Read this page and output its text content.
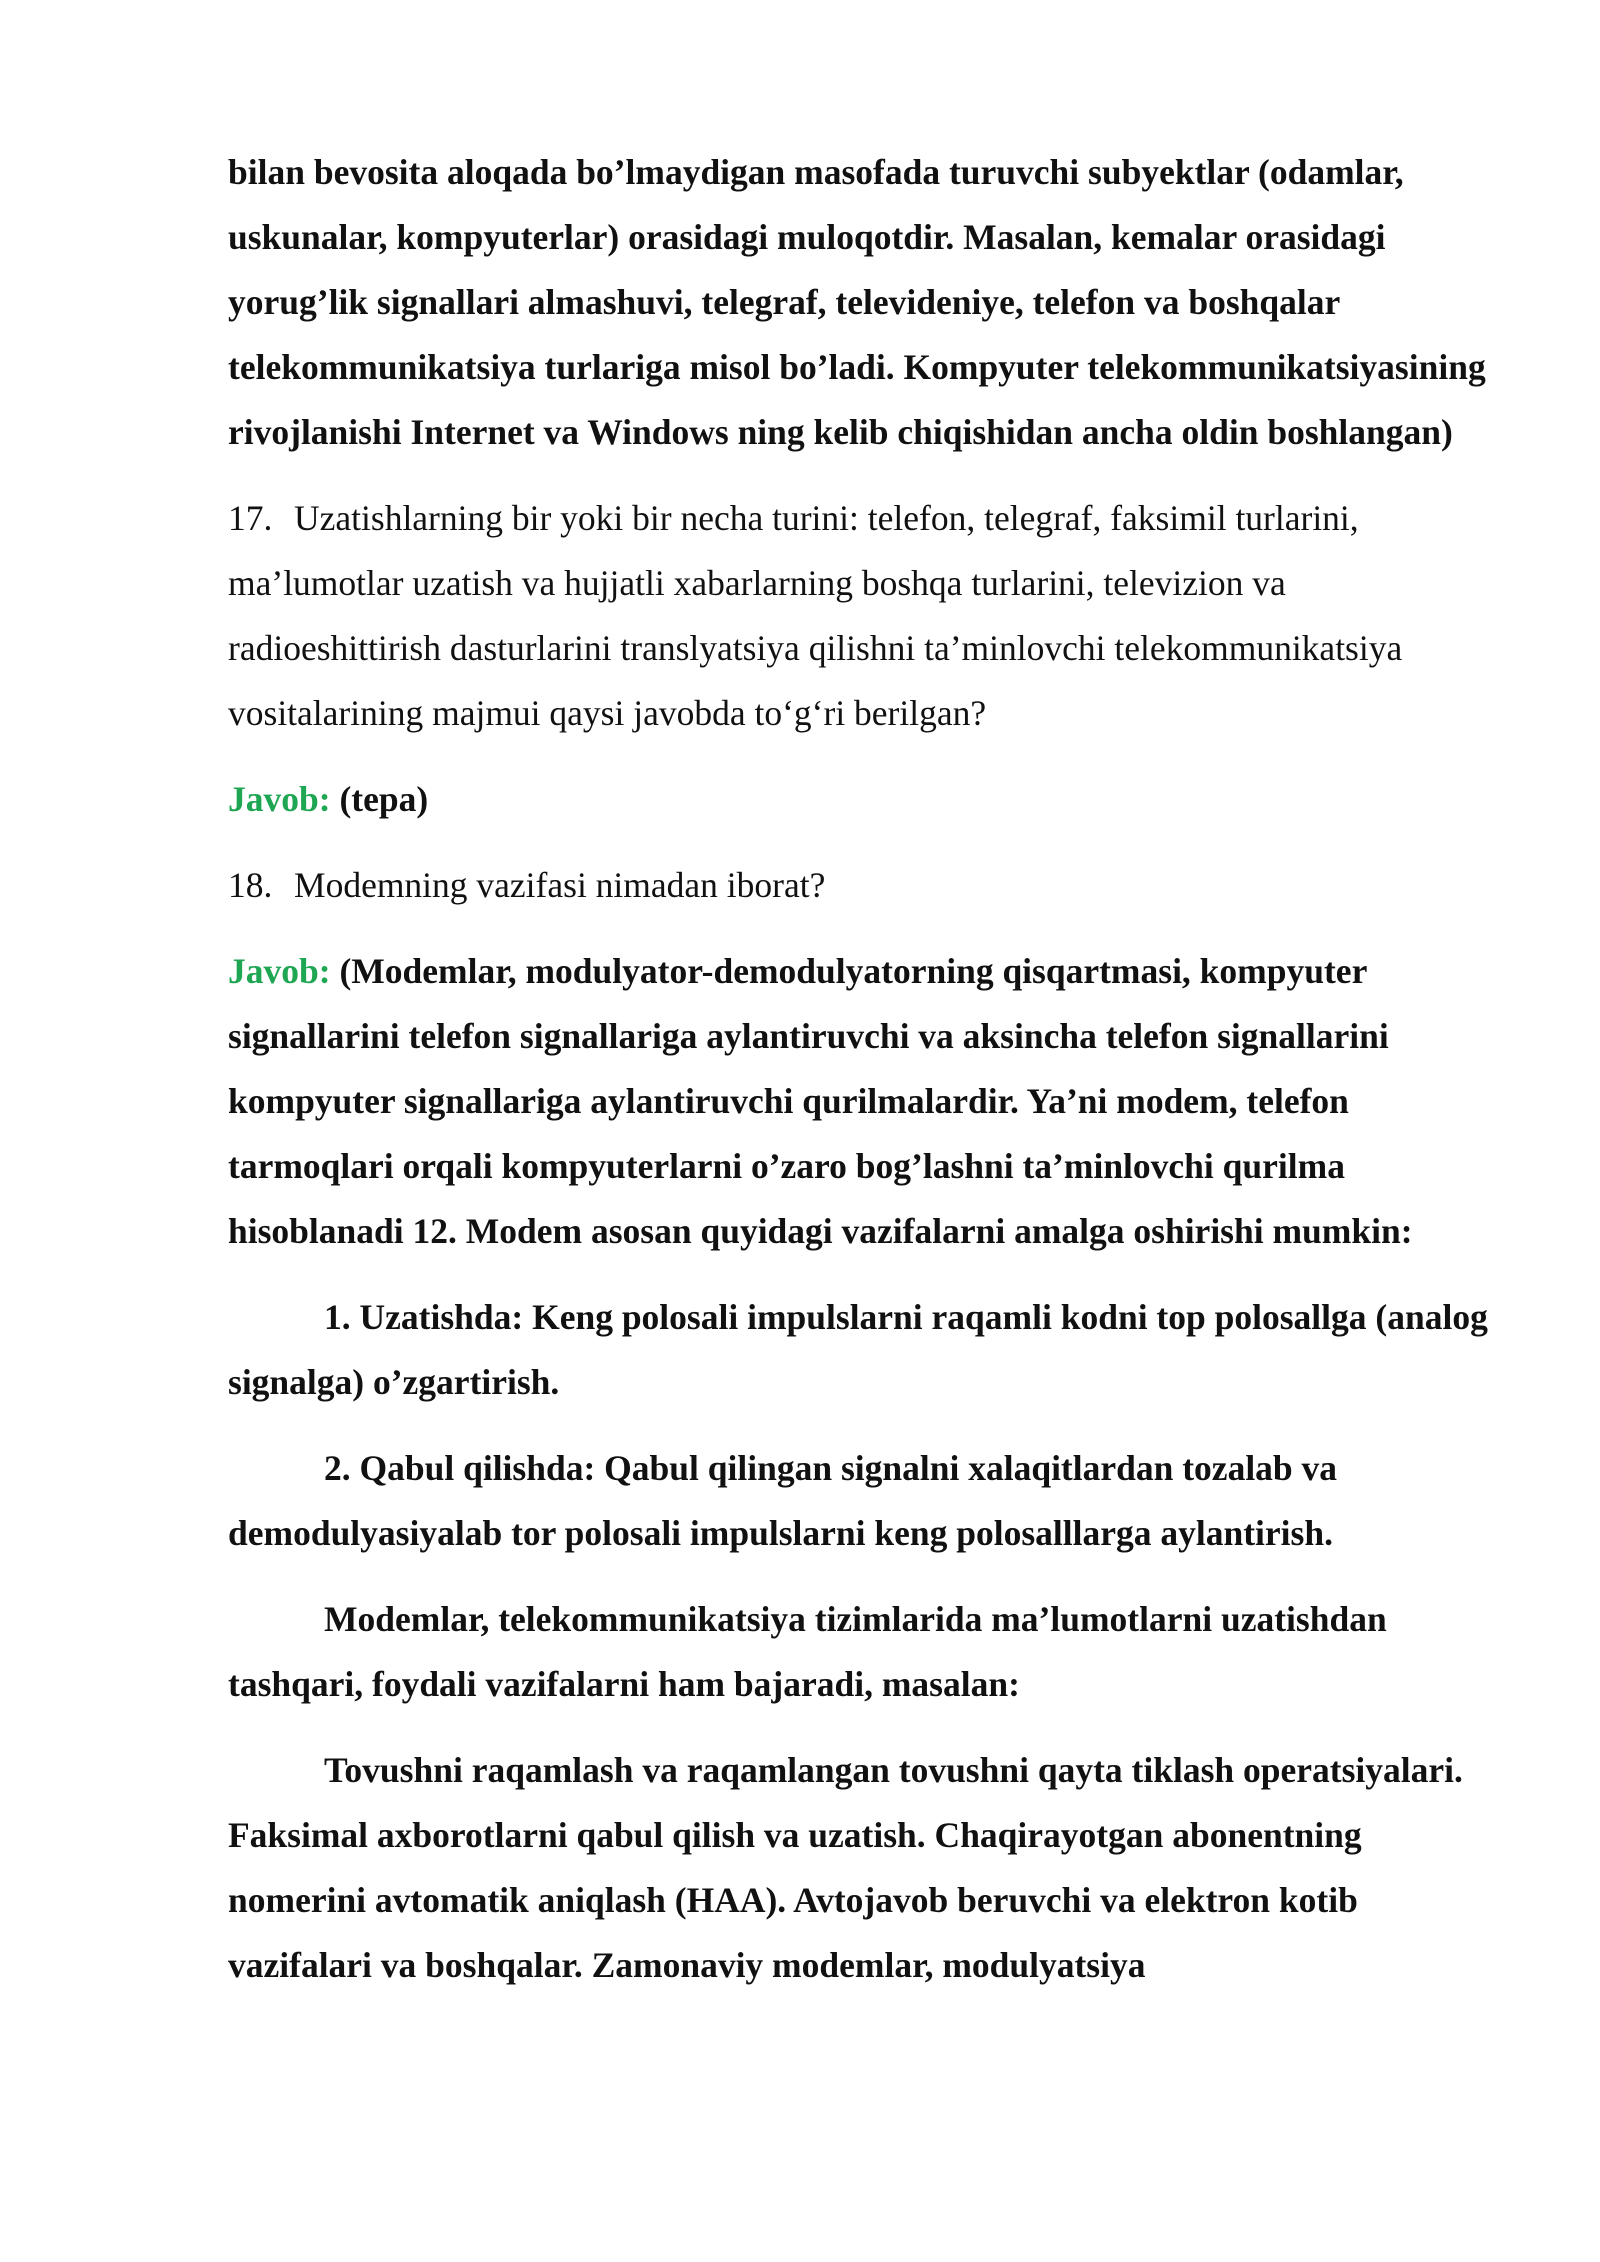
bilan bevosita aloqada bo’lmaydigan masofada turuvchi subyektlar (odamlar, uskunalar, kompyuterlar) orasidagi muloqotdir. Masalan, kemalar orasidagi yorug’lik signallari almashuvi, telegraf, televideniye, telefon va boshqalar telekommunikatsiya turlariga misol bo’ladi. Kompyuter telekommunikatsiyasining rivojlanishi Internet va Windows ning kelib chiqishidan ancha oldin boshlangan)

17. Uzatishlarning bir yoki bir necha turini: telefon, telegraf, faksimil turlarini, ma’lumotlar uzatish va hujjatli xabarlarning boshqa turlarini, televizion va radioeshittirish dasturlarini translyatsiya qilishni ta’minlovchi telekommunikatsiya vositalarining majmui qaysi javobda to‘g‘ri berilgan?

Javob: (tepa)

18. Modemning vazifasi nimadan iborat?

Javob: (Modemlar, modulyator-demodulyatorning qisqartmasi, kompyuter signallarini telefon signallariga aylantiruvchi va aksincha telefon signallarini kompyuter signallariga aylantiruvchi qurilmalardir. Ya’ni modem, telefon tarmoqlari orqali kompyuterlarni o’zaro bog’lashni ta’minlovchi qurilma hisoblanadi 12. Modem asosan quyidagi vazifalarni amalga oshirishi mumkin:

1. Uzatishda: Keng polosali impulslarni raqamli kodni top polosallga (analog signalga) o’zgartirish.

2. Qabul qilishda: Qabul qilingan signalni xalaqitlardan tozalab va demodulyasiyalab tor polosali impulslarni keng polosalllarga aylantirish.

Modemlar, telekommunikatsiya tizimlarida ma’lumotlarni uzatishdan tashqari, foydali vazifalarni ham bajaradi, masalan:

Tovushni raqamlash va raqamlangan tovushni qayta tiklash operatsiyalari. Faksimal axborotlarni qabul qilish va uzatish. Chaqirayotgan abonentning nomerini avtomatik aniqlash (HAA). Avtojavob beruvchi va elektron kotib vazifalari va boshqalar. Zamonaviy modemlar, modulyatsiya
